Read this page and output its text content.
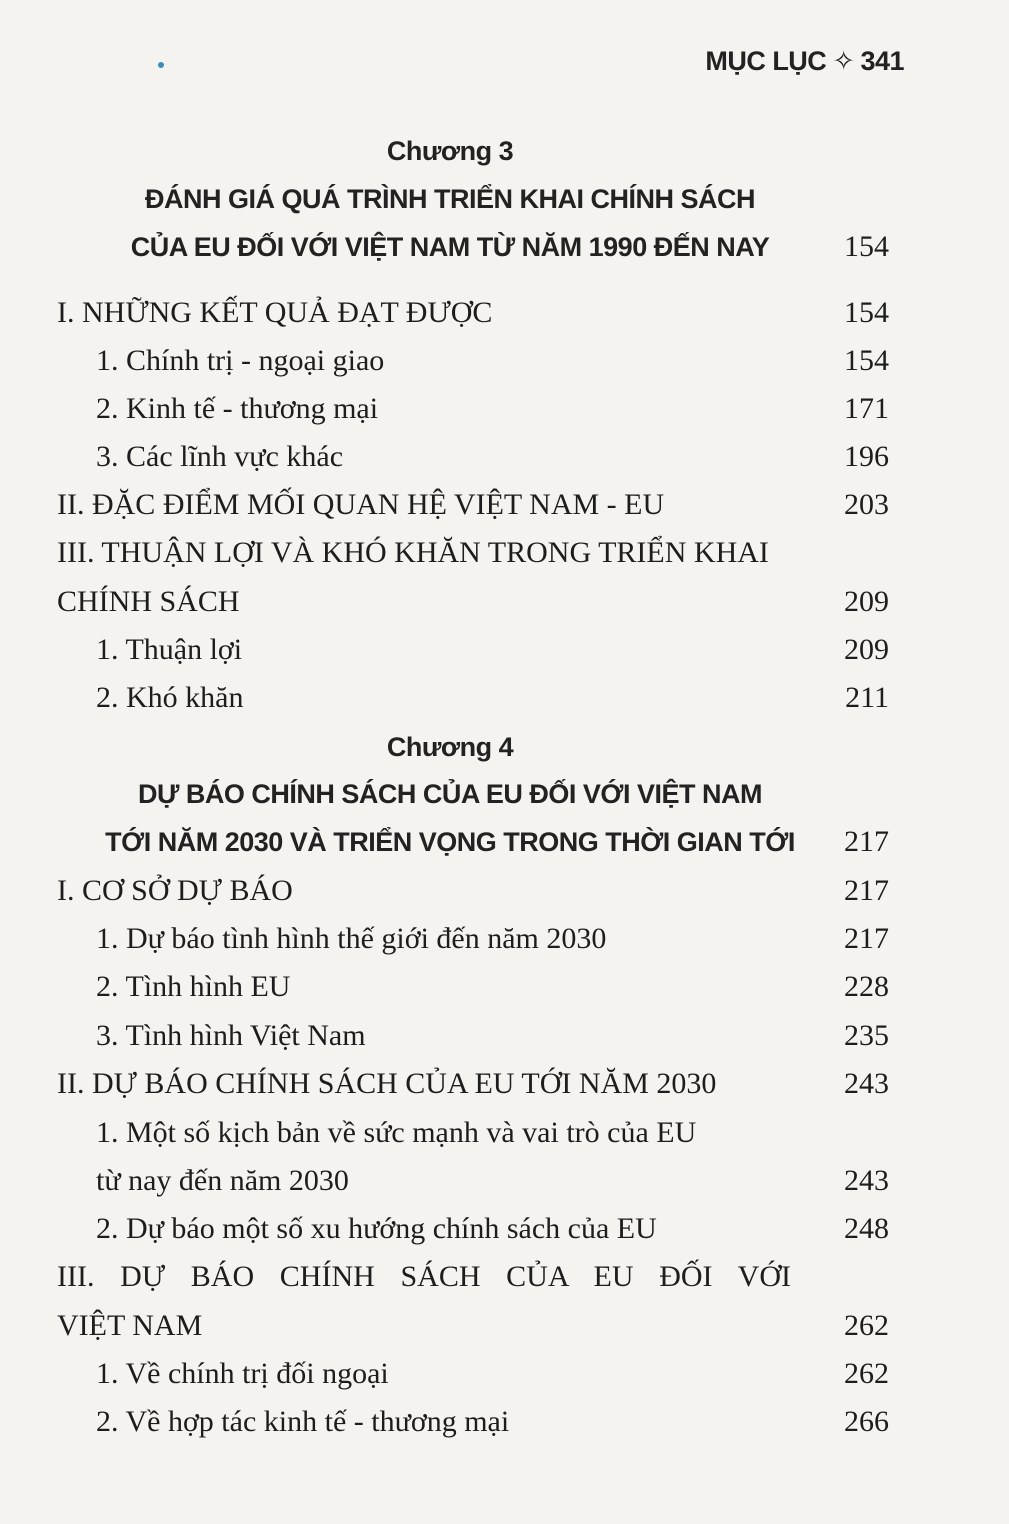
MỤC LỤC ✧ 341
Chương 3
ĐÁNH GIÁ QUÁ TRÌNH TRIỂN KHAI CHÍNH SÁCH
CỦA EU ĐỐI VỚI VIỆT NAM TỪ NĂM 1990 ĐẾN NAY	154
I. NHỮNG KẾT QUẢ ĐẠT ĐƯỢC	154
1. Chính trị - ngoại giao	154
2. Kinh tế - thương mại	171
3. Các lĩnh vực khác	196
II. ĐẶC ĐIỂM MỐI QUAN HỆ VIỆT NAM - EU	203
III. THUẬN LỢI VÀ KHÓ KHĂN TRONG TRIỂN KHAI
CHÍNH SÁCH	209
1. Thuận lợi	209
2. Khó khăn	211
Chương 4
DỰ BÁO CHÍNH SÁCH CỦA EU ĐỐI VỚI VIỆT NAM
TỚI NĂM 2030 VÀ TRIỂN VỌNG TRONG THỜI GIAN TỚI	217
I. CƠ SỞ DỰ BÁO	217
1. Dự báo tình hình thế giới đến năm 2030	217
2. Tình hình EU	228
3. Tình hình Việt Nam	235
II. DỰ BÁO CHÍNH SÁCH CỦA EU TỚI NĂM 2030	243
1. Một số kịch bản về sức mạnh và vai trò của EU
từ nay đến năm 2030	243
2. Dự báo một số xu hướng chính sách của EU	248
III. DỰ BÁO CHÍNH SÁCH CỦA EU ĐỐI VỚI
VIỆT NAM	262
1. Về chính trị đối ngoại	262
2. Về hợp tác kinh tế - thương mại	266
